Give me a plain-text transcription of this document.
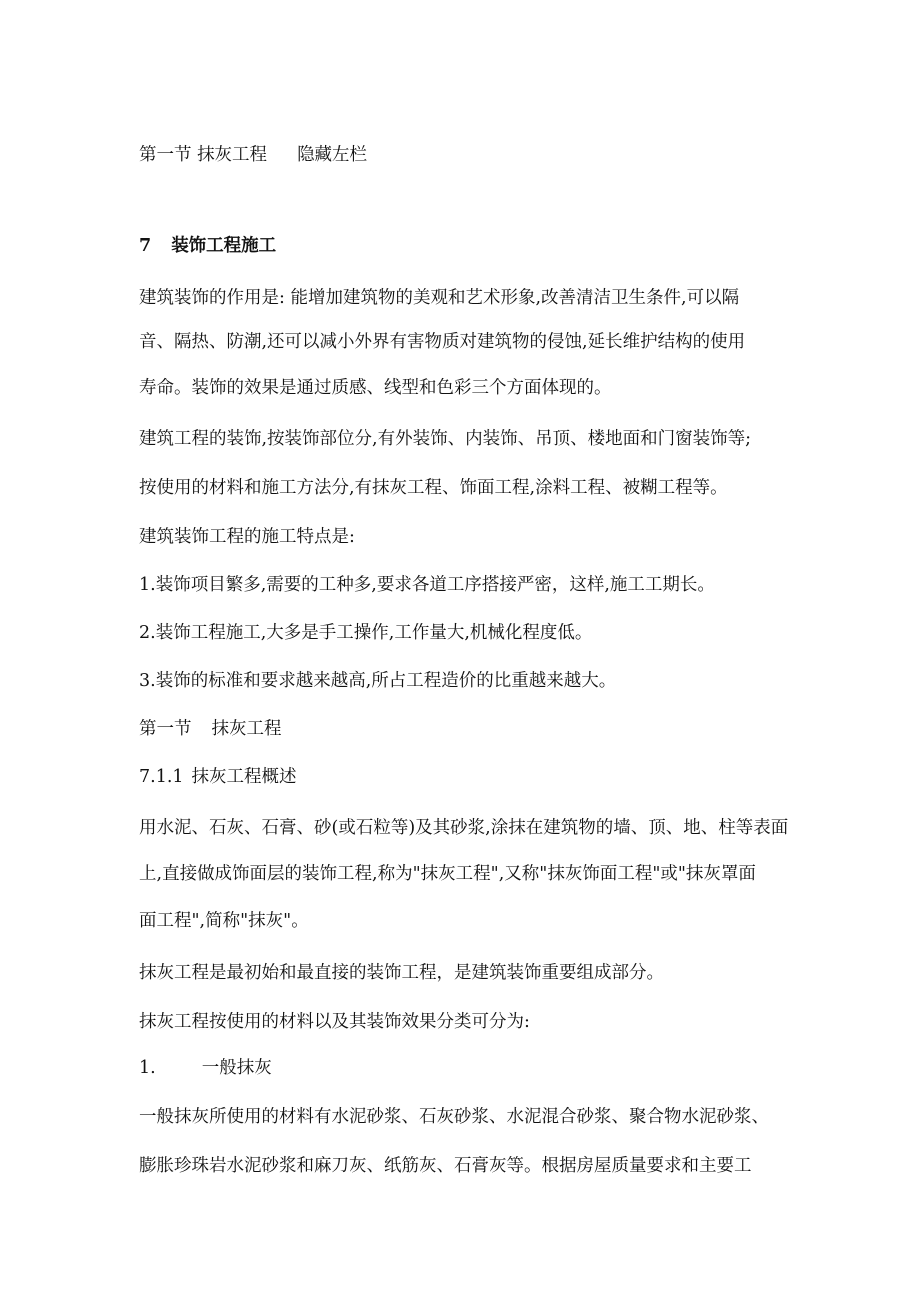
第一节 抹灰工程 隐藏左栏
7 装饰工程施工
建筑装饰的作用是: 能增加建筑物的美观和艺术形象,改善清洁卫生条件,可以隔
音、隔热、防潮,还可以减小外界有害物质对建筑物的侵蚀,延长维护结构的使用
寿命。装饰的效果是通过质感、线型和色彩三个方面体现的。
建筑工程的装饰,按装饰部位分,有外装饰、内装饰、吊顶、楼地面和门窗装饰等;
按使用的材料和施工方法分,有抹灰工程、饰面工程,涂料工程、被糊工程等。
建筑装饰工程的施工特点是:
1.装饰项目繁多,需要的工种多,要求各道工序搭接严密，这样,施工工期长。
2.装饰工程施工,大多是手工操作,工作量大,机械化程度低。
3.装饰的标准和要求越来越高,所占工程造价的比重越来越大。
第一节 抹灰工程
7.1.1 抹灰工程概述
用水泥、石灰、石膏、砂(或石粒等)及其砂浆,涂抹在建筑物的墙、顶、地、柱等表面
上,直接做成饰面层的装饰工程,称为"抹灰工程",又称"抹灰饰面工程"或"抹灰罩面
面工程",简称"抹灰"。
抹灰工程是最初始和最直接的装饰工程，是建筑装饰重要组成部分。
抹灰工程按使用的材料以及其装饰效果分类可分为:
1.	一般抹灰
一般抹灰所使用的材料有水泥砂浆、石灰砂浆、水泥混合砂浆、聚合物水泥砂浆、
膨胀珍珠岩水泥砂浆和麻刀灰、纸筋灰、石膏灰等。根据房屋质量要求和主要工
